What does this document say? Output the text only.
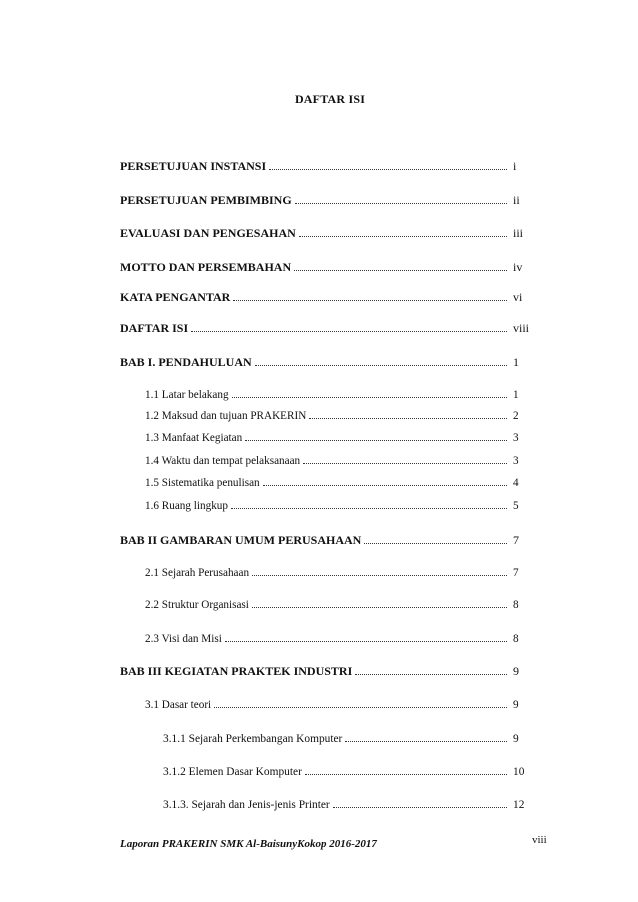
DAFTAR ISI
PERSETUJUAN INSTANSI	i
PERSETUJUAN PEMBIMBING	ii
EVALUASI DAN PENGESAHAN	iii
MOTTO DAN PERSEMBAHAN	iv
KATA PENGANTAR	vi
DAFTAR ISI	viii
BAB I. PENDAHULUAN	1
1.1 Latar belakang	1
1.2 Maksud dan tujuan PRAKERIN	2
1.3 Manfaat Kegiatan	3
1.4 Waktu dan tempat pelaksanaan	3
1.5 Sistematika penulisan	4
1.6 Ruang lingkup	5
BAB II GAMBARAN UMUM PERUSAHAAN	7
2.1 Sejarah Perusahaan	7
2.2 Struktur Organisasi	8
2.3 Visi dan Misi	8
BAB III KEGIATAN PRAKTEK INDUSTRI	9
3.1 Dasar teori	9
3.1.1 Sejarah Perkembangan Komputer	9
3.1.2 Elemen Dasar Komputer	10
3.1.3. Sejarah dan Jenis-jenis Printer	12
Laporan PRAKERIN SMK Al-BaisunyKokop 2016-2017	viii
